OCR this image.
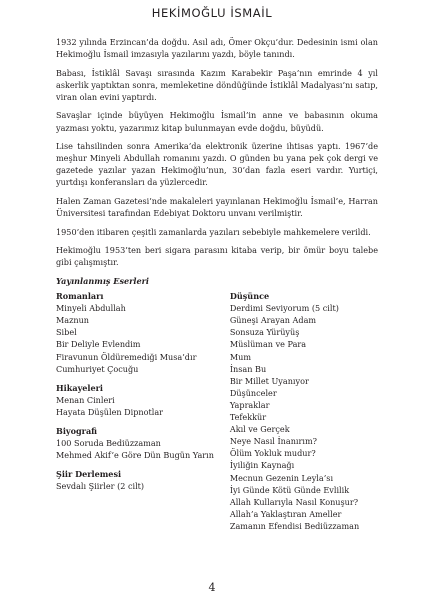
HEKİMOĞLU İSMAİL

1932 yılında Erzincan’da doğdu. Asıl adı, Ömer Okçu’dur. Dedesinin ismi olan Hekimoğlu İsmail imzasıyla yazılarını yazdı, böyle tanındı.

Babası, İstiklâl Savaşı sırasında Kazım Karabekir Paşa’nın emrinde 4 yıl askerlik yaptıktan sonra, memleketine döndüğünde İstiklâl Madalyası’nı satıp, viran olan evini yaptırdı.

Savaşlar içinde büyüyen Hekimoğlu İsmail’in anne ve babasının okuma yazması yoktu, yazarımız kitap bulunmayan evde doğdu, büyüdü.

Lise tahsilinden sonra Amerika’da elektronik üzerine ihtisas yaptı. 1967’de meşhur Minyeli Abdullah romanını yazdı. O günden bu yana pek çok dergi ve gazetede yazılar yazan Hekimoğlu’nun, 30’dan fazla eseri vardır. Yurtiçi, yurtdışı konferansları da yüzlercedir.

Halen Zaman Gazetesi’nde makaleleri yayınlanan Hekimoğlu İsmail’e, Harran Üniversitesi tarafından Edebiyat Doktoru unvanı verilmiştir.

1950’den itibaren çeşitli zamanlarda yazıları sebebiyle mahkemelere verildi.

Hekimoğlu 1953’ten beri sigara parasını kitaba verip, bir ömür boyu talebe gibi çalışmıştır.

Yayınlanmış Eserleri
Romanları
Minyeli Abdullah
Maznun
Sibel
Bir Deliyle Evlendim
Firavunun Öldüremediği Musa’dır
Cumhuriyet Çocuğu
Hikayeleri
Menan Cinleri
Hayata Düşülen Dipnotlar
Biyografi
100 Soruda Bediüzzaman
Mehmed Akif’e Göre Dün Bugün Yarın
Şiir Derlemesi
Sevdalı Şiirler (2 cilt)
Düşünce
Derdimi Seviyorum (5 cilt)
Güneşi Arayan Adam
Sonsuza Yürüyüş
Müslüman ve Para
Mum
İnsan Bu
Bir Millet Uyanıyor
Düşünceler
Yapraklar
Tefekkür
Akıl ve Gerçek
Neye Nasıl İnanırım?
Ölüm Yokluk mudur?
İyiliğin Kaynağı
Mecnun Gezenin Leyla’sı
İyi Günde Kötü Günde Evlilik
Allah Kullarıyla Nasıl Konuşur?
Allah’a Yaklaştıran Ameller
Zamanın Efendisi Bediüzzaman
4
